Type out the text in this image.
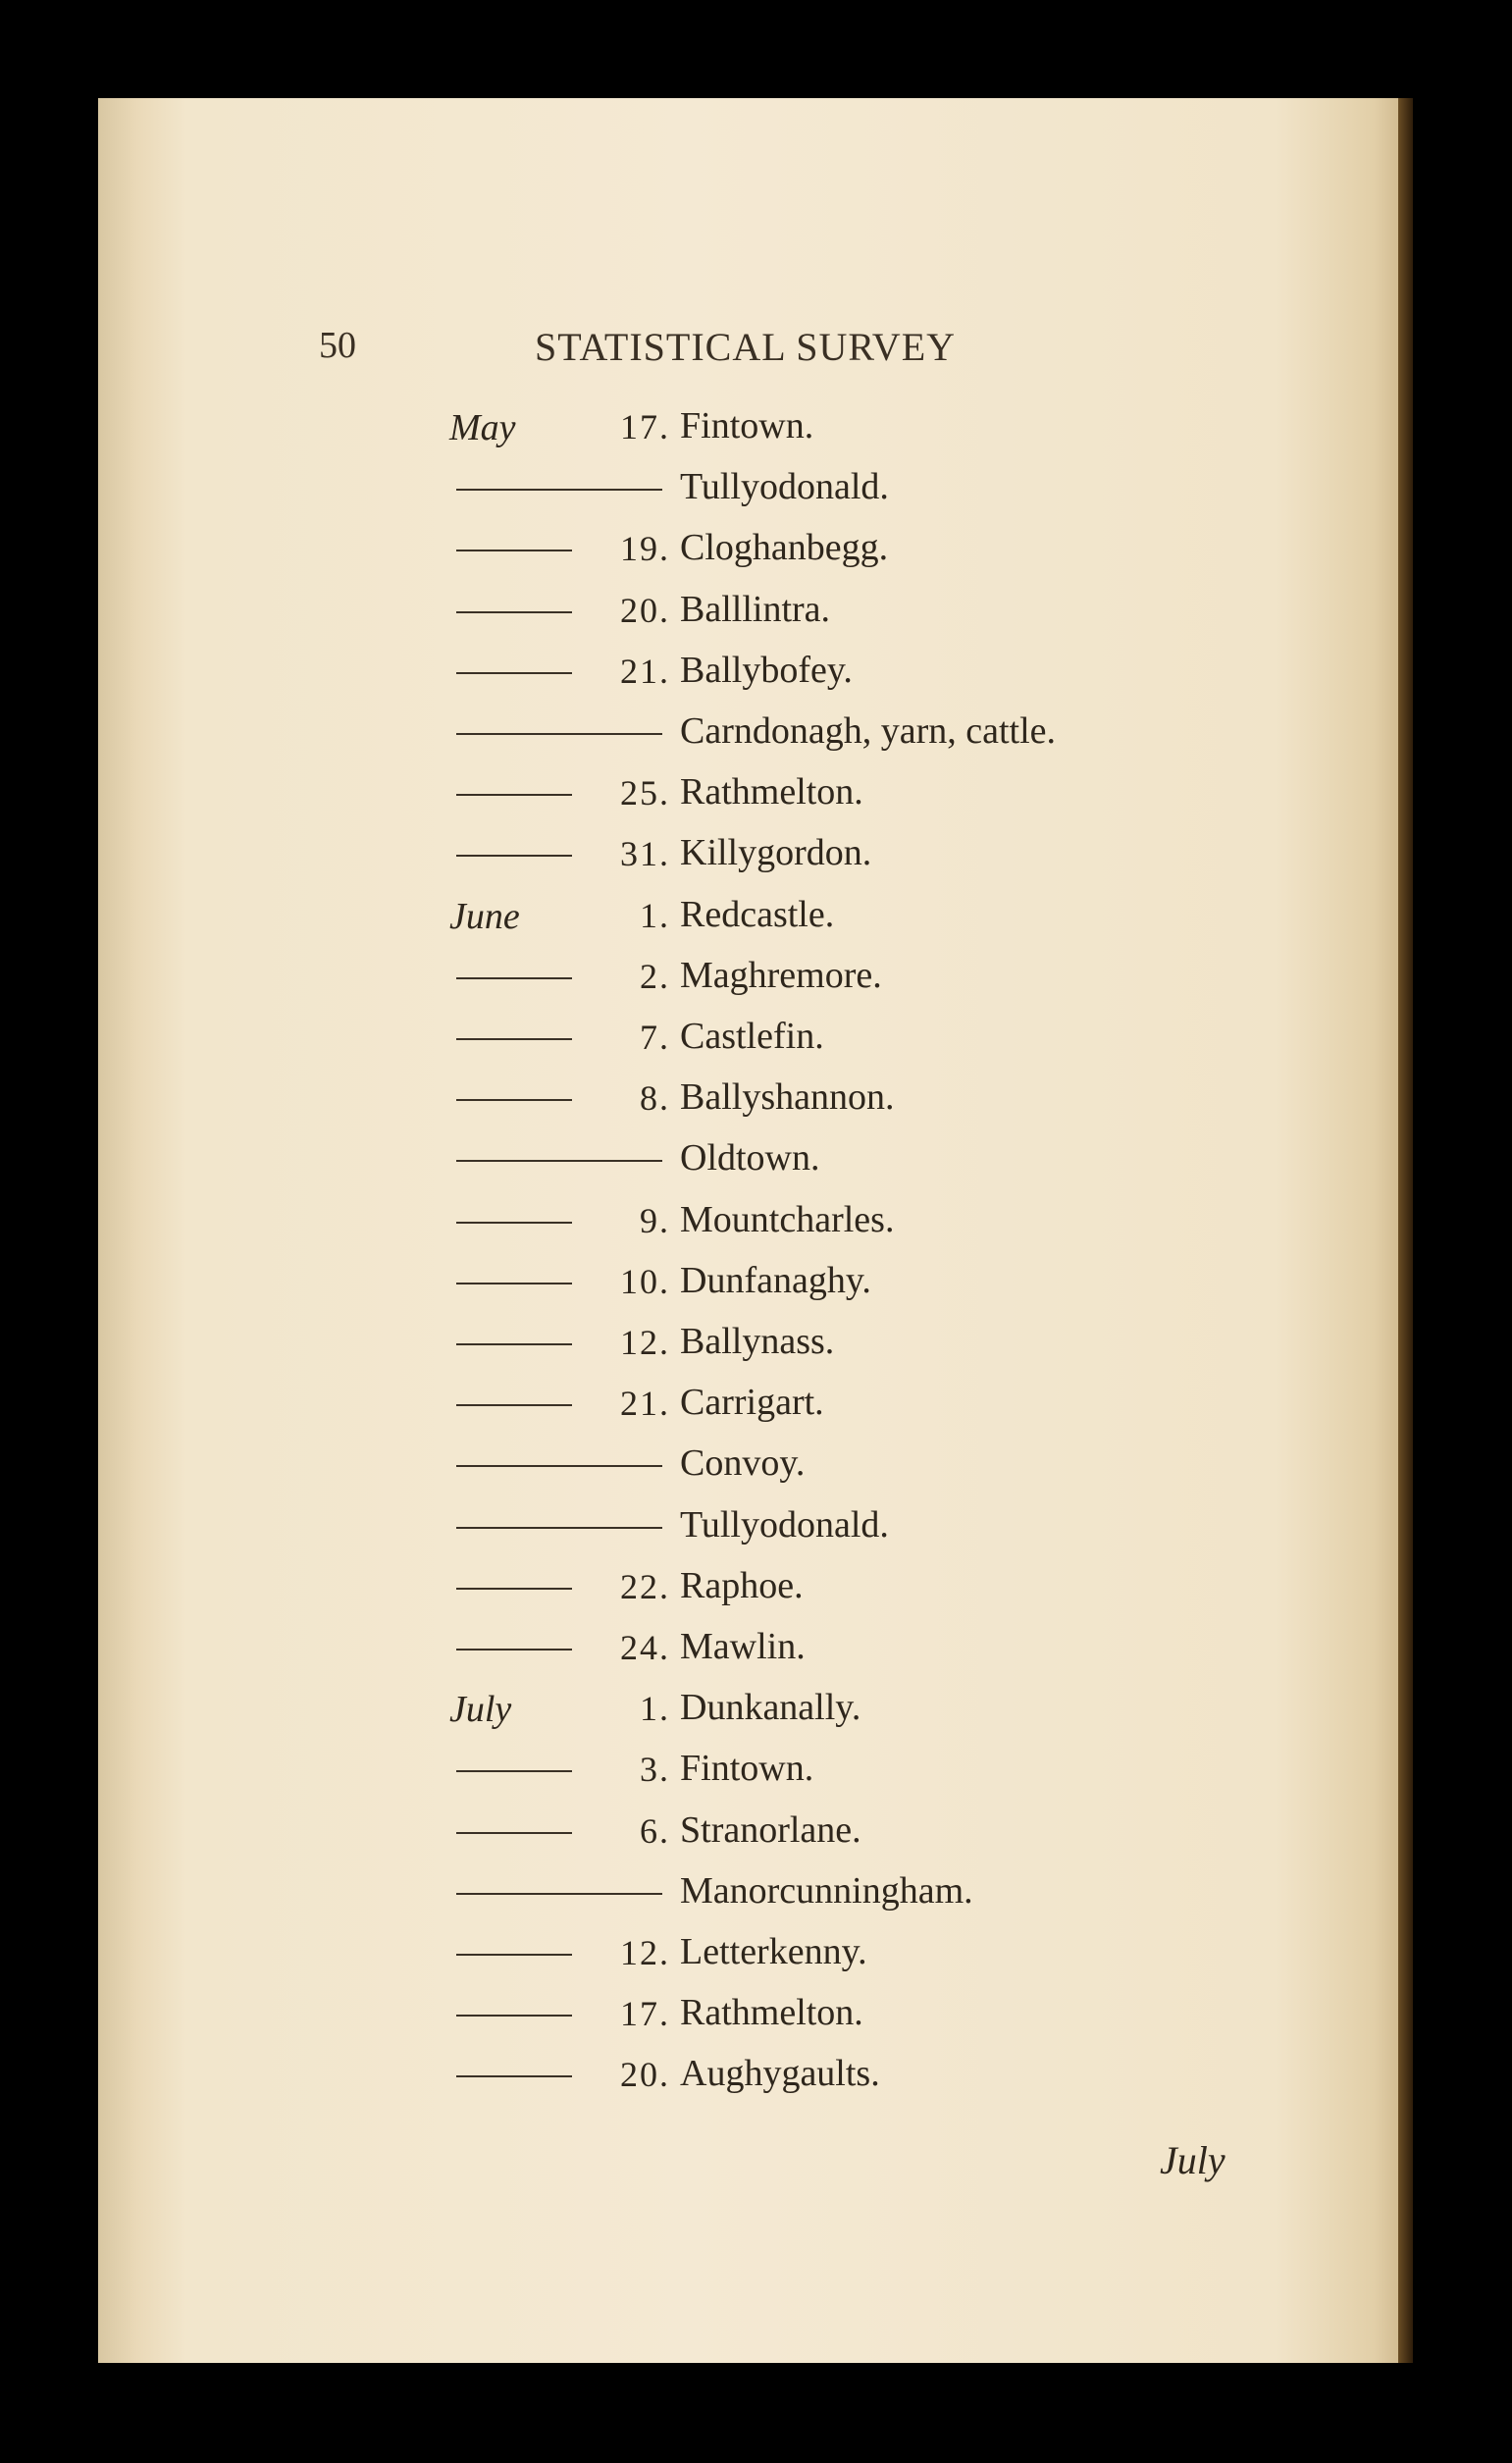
50	STATISTICAL SURVEY
May	17. Fintown.
Tullyodonald.
19. Cloghanbegg.
20. Balllintra.
21. Ballybofey.
Carndonagh, yarn, cattle.
25. Rathmelton.
31. Killygordon.
June	1. Redcastle.
2. Maghremore.
7. Castlefin.
8. Ballyshannon.
Oldtown.
9. Mountcharles.
10. Dunfanaghy.
12. Ballynass.
21. Carrigart.
Convoy.
Tullyodonald.
22. Raphoe.
24. Mawlin.
July	1. Dunkanally.
3. Fintown.
6. Stranorlane.
Manorcunningham.
12. Letterkenny.
17. Rathmelton.
20. Aughygaults.
July
